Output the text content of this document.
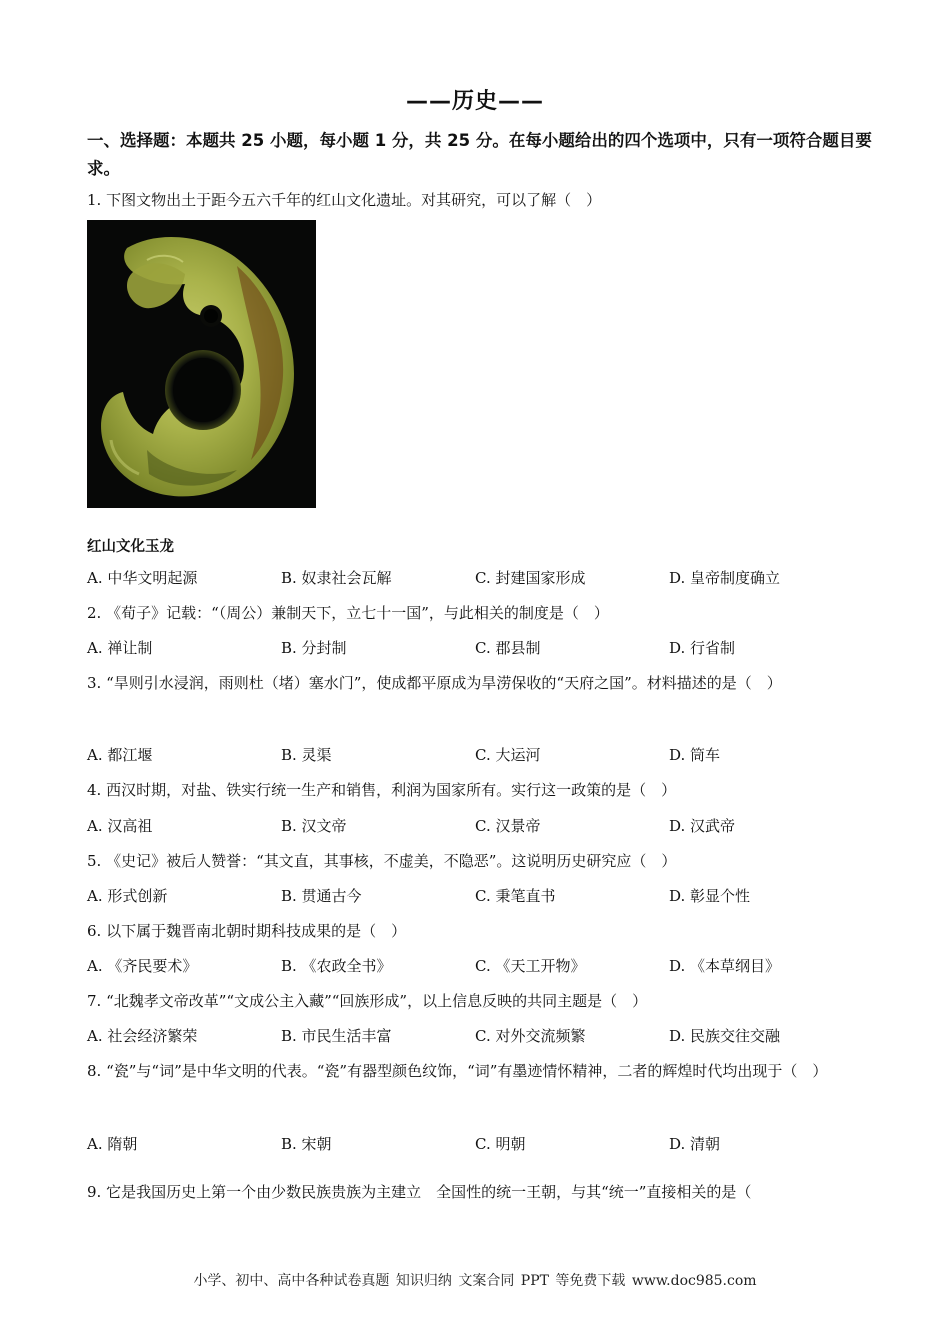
——历史——
一、选择题：本题共 25 小题，每小题 1 分，共 25 分。在每小题给出的四个选项中，只有一项符合题目要求。
1. 下图文物出土于距今五六千年的红山文化遗址。对其研究，可以了解（　）
红山文化玉龙
A. 中华文明起源	B. 奴隶社会瓦解	C. 封建国家形成	D. 皇帝制度确立
2. 《荀子》记载：“（周公）兼制天下，立七十一国”，与此相关的制度是（　）
A. 禅让制	B. 分封制	C. 郡县制	D. 行省制
3. “旱则引水浸润，雨则杜（堵）塞水门”，使成都平原成为旱涝保收的“天府之国”。材料描述的是（　）
A. 都江堰	B. 灵渠	C. 大运河	D. 筒车
4. 西汉时期，对盐、铁实行统一生产和销售，利润为国家所有。实行这一政策的是（　）
A. 汉高祖	B. 汉文帝	C. 汉景帝	D. 汉武帝
5. 《史记》被后人赞誉：“其文直，其事核，不虚美，不隐恶”。这说明历史研究应（　）
A. 形式创新	B. 贯通古今	C. 秉笔直书	D. 彰显个性
6. 以下属于魏晋南北朝时期科技成果的是（　）
A. 《齐民要术》	B. 《农政全书》	C. 《天工开物》	D. 《本草纲目》
7. “北魏孝文帝改革”“文成公主入藏”“回族形成”，以上信息反映的共同主题是（　）
A. 社会经济繁荣	B. 市民生活丰富	C. 对外交流频繁	D. 民族交往交融
8. “瓷”与“词”是中华文明的代表。“瓷”有器型颜色纹饰，“词”有墨迹情怀精神，二者的辉煌时代均出现于（　）
A. 隋朝	B. 宋朝	C. 明朝	D. 清朝
9. 它是我国历史上第一个由少数民族贵族为主建立　全国性的统一王朝，与其“统一”直接相关的是（
小学、初中、高中各种试卷真题 知识归纳 文案合同 PPT 等免费下载 www.doc985.com
